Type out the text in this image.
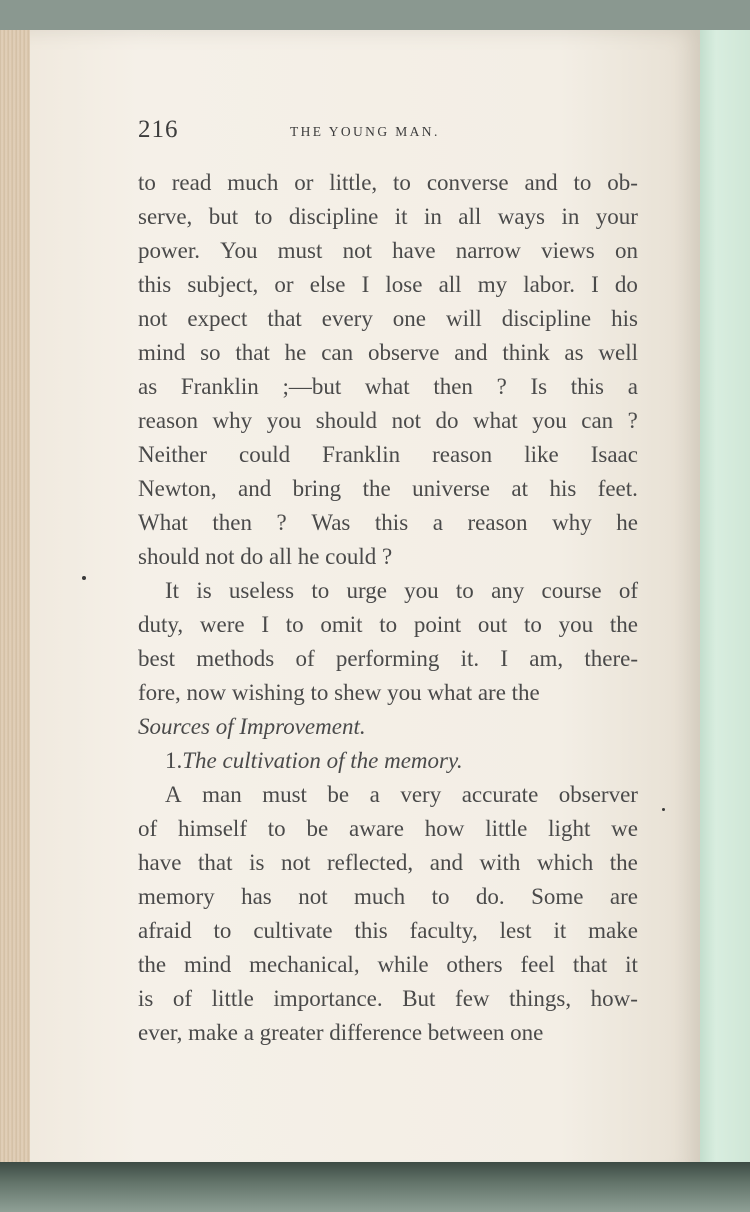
216	THE YOUNG MAN.
to read much or little, to converse and to ob-
serve, but to discipline it in all ways in your
power. You must not have narrow views on
this subject, or else I lose all my labor. I do
not expect that every one will discipline his
mind so that he can observe and think as well
as Franklin ;—but what then ? Is this a
reason why you should not do what you can ?
Neither could Franklin reason like Isaac
Newton, and bring the universe at his feet.
What then ? Was this a reason why he
should not do all he could ?
It is useless to urge you to any course of
duty, were I to omit to point out to you the
best methods of performing it. I am, there-
fore, now wishing to shew you what are the
Sources of Improvement.
1. The cultivation of the memory.
A man must be a very accurate observer
of himself to be aware how little light we
have that is not reflected, and with which the
memory has not much to do. Some are
afraid to cultivate this faculty, lest it make
the mind mechanical, while others feel that it
is of little importance. But few things, how-
ever, make a greater difference between one
